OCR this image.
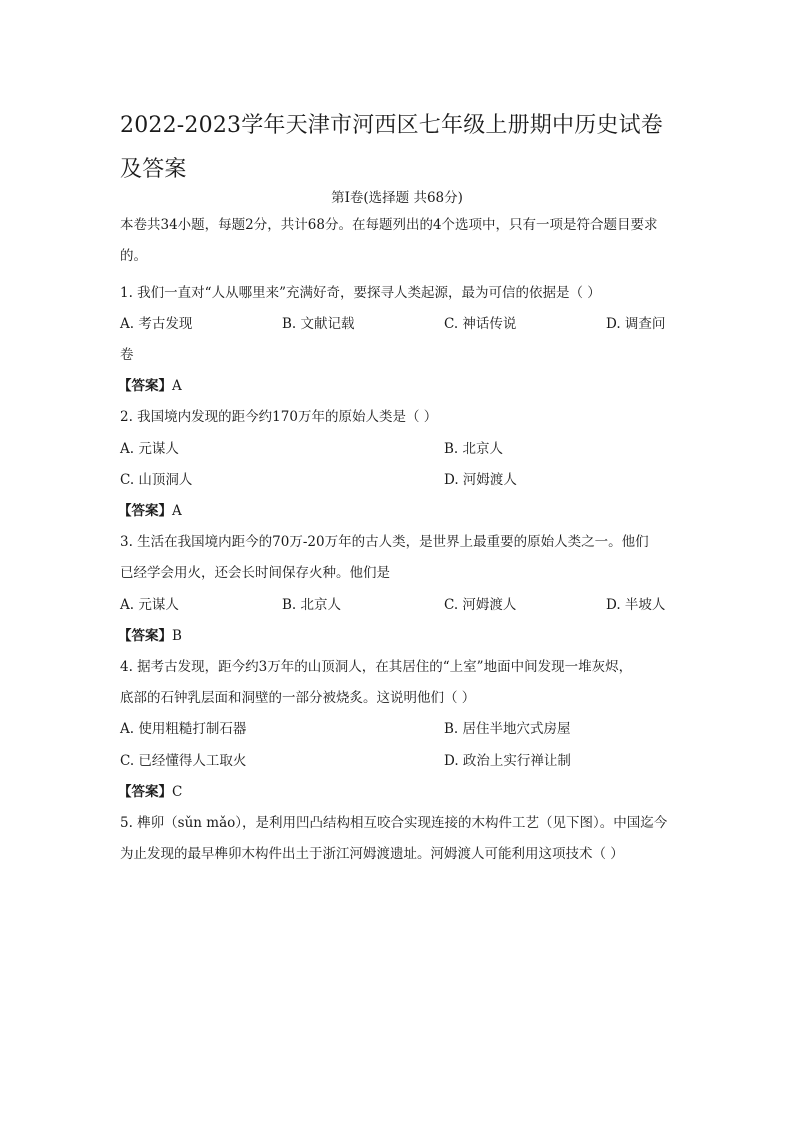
2022-2023学年天津市河西区七年级上册期中历史试卷及答案
第Ⅰ卷(选择题 共68分)
本卷共34小题，每题2分，共计68分。在每题列出的4个选项中，只有一项是符合题目要求的。
1. 我们一直对“人从哪里来”充满好奇，要探寻人类起源，最为可信的依据是（ ）
A. 考古发现	B. 文献记载	C. 神话传说	D. 调查问
卷
【答案】A
2. 我国境内发现的距今约170万年的原始人类是（ ）
A. 元谋人	B. 北京人
C. 山顶洞人	D. 河姆渡人
【答案】A
3. 生活在我国境内距今的70万-20万年的古人类，是世界上最重要的原始人类之一。他们
已经学会用火，还会长时间保存火种。他们是
A. 元谋人	B. 北京人	C. 河姆渡人	D. 半坡人
【答案】B
4. 据考古发现，距今约3万年的山顶洞人，在其居住的“上室”地面中间发现一堆灰烬，
底部的石钟乳层面和洞壁的一部分被烧炙。这说明他们（ ）
A. 使用粗糙打制石器	B. 居住半地穴式房屋
C. 已经懂得人工取火	D. 政治上实行禅让制
【答案】C
5. 榫卯（sǔn mǎo），是利用凹凸结构相互咬合实现连接的木构件工艺（见下图）。中国迄今
为止发现的最早榫卯木构件出土于浙江河姆渡遗址。河姆渡人可能利用这项技术（ ）
